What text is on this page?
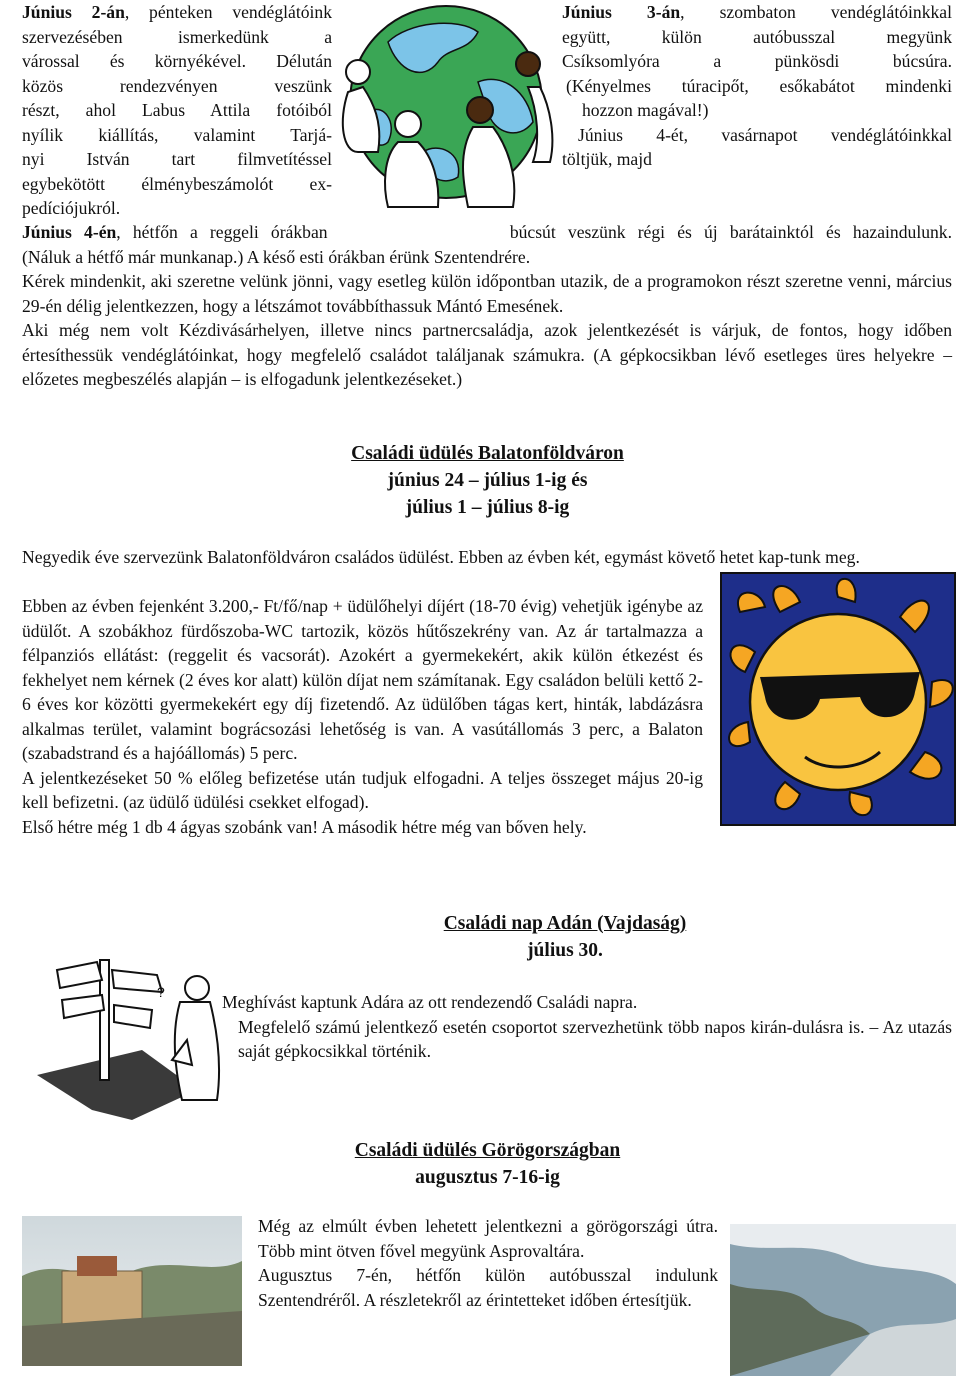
Június 2-án, pénteken vendéglátóink
szervezésében ismerkedünk a
várossal és környékével. Délután
közös rendezvényen veszünk
részt, ahol Labus Attila fotóiból
nyílik kiállítás, valamint Tarjá-
nyi István tart filmvetítéssel
egybekötött élménybeszámolót ex-
pedíciójukról.
Június 3-án, szombaton vendéglátóinkkal
együtt, külön autóbusszal megyünk
Csíksomlyóra a pünkösdi búcsúra.
(Kényelmes túracipőt, esőkabátot mindenki
hozzon magával!)
Június 4-ét, vasárnapot vendéglátóinkkal
töltjük, majd

Június 4-én, hétfőn a reggeli órákban	búcsút veszünk régi és új barátainktól és hazaindulunk.

(Náluk a hétfő már munkanap.) A késő esti órákban érünk Szentendrére.

Kérek mindenkit, aki szeretne velünk jönni, vagy esetleg külön időpontban utazik, de a programokon részt szeretne venni, március 29-én délig jelentkezzen, hogy a létszámot továbbíthassuk Mántó Emesének.

Aki még nem volt Kézdivásárhelyen, illetve nincs partnercsaládja, azok jelentkezését is várjuk, de fontos, hogy időben értesíthessük vendéglátóinkat, hogy megfelelő családot találjanak számukra. (A gépkocsikban lévő esetleges üres helyekre – előzetes megbeszélés alapján – is elfogadunk jelentkezéseket.)

Családi üdülés Balatonföldváron
június 24 – július 1-ig és
július 1 – július 8-ig

Negyedik éve szervezünk Balatonföldváron családos üdülést. Ebben az évben két, egymást követő hetet kap-tunk meg.

Ebben az évben fejenként 3.200,- Ft/fő/nap + üdülőhelyi díjért (18-70 évig) vehetjük igénybe az üdülőt. A szobákhoz fürdőszoba-WC tartozik, közös hűtőszekrény van. Az ár tartalmazza a félpanziós ellátást: (reggelit és vacsorát). Azokért a gyermekekért, akik külön étkezést és fekhelyet nem kérnek (2 éves kor alatt) külön díjat nem számítanak. Egy családon belüli kettő 2-6 éves kor közötti gyermekekért egy díj fizetendő. Az üdülőben tágas kert, hinták, labdázásra alkalmas terület, valamint bográcsozási lehetőség is van. A vasútállomás 3 perc, a Balaton (szabadstrand és a hajóállomás) 5 perc.

A jelentkezéseket 50 % előleg befizetése után tudjuk elfogadni. A teljes összeget május 20-ig kell befizetni. (az üdülő üdülési csekket elfogad).

Első hétre még 1 db 4 ágyas szobánk van! A második hétre még van bőven hely.

Családi nap Adán (Vajdaság)
július 30.
?	Meghívást kaptunk Adára az ott rendezendő Családi napra.

Megfelelő számú jelentkező esetén csoportot szervezhetünk több napos kirán-dulásra is. – Az utazás saját gépkocsikkal történik.

Családi üdülés Görögországban
augusztus 7-16-ig

Még az elmúlt évben lehetett jelentkezni a görögországi útra. Több mint ötven fővel megyünk Asprovaltára.

Augusztus 7-én, hétfőn külön autóbusszal indulunk Szentendréről. A részletekről az érintetteket időben értesítjük.
